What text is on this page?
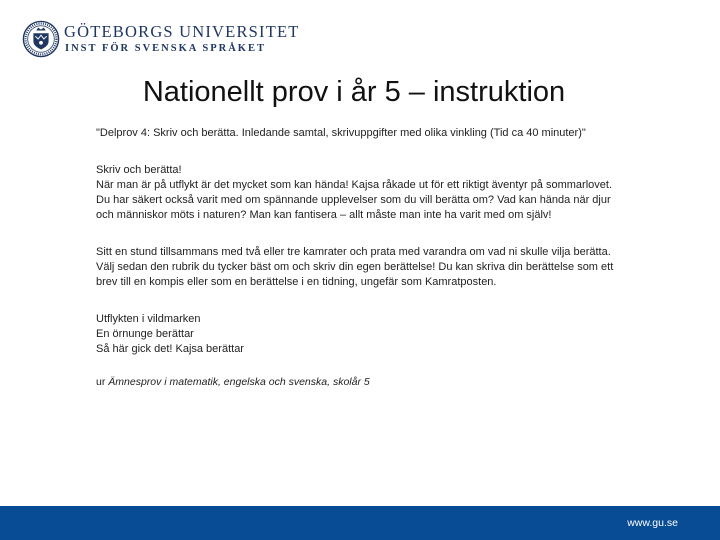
GÖTEBORGS UNIVERSITET
INST FÖR SVENSKA SPRÅKET
Nationellt prov i år 5 – instruktion

"Delprov 4: Skriv och berätta. Inledande samtal, skrivuppgifter med olika vinkling (Tid ca 40 minuter)"

Skriv och berätta!

När man är på utflykt är det mycket som kan hända! Kajsa råkade ut för ett riktigt äventyr på sommarlovet. Du har säkert också varit med om spännande upplevelser som du vill berätta om? Vad kan hända när djur och människor möts i naturen? Man kan fantisera – allt måste man inte ha varit med om själv!

Sitt en stund tillsammans med två eller tre kamrater och prata med varandra om vad ni skulle vilja berätta. Välj sedan den rubrik du tycker bäst om och skriv din egen berättelse! Du kan skriva din berättelse som ett brev till en kompis eller som en berättelse i en tidning, ungefär som Kamratposten.

Utflykten i vildmarken

En örnunge berättar

Så här gick det! Kajsa berättar

ur Ämnesprov i matematik, engelska och svenska, skolår 5

www.gu.se
